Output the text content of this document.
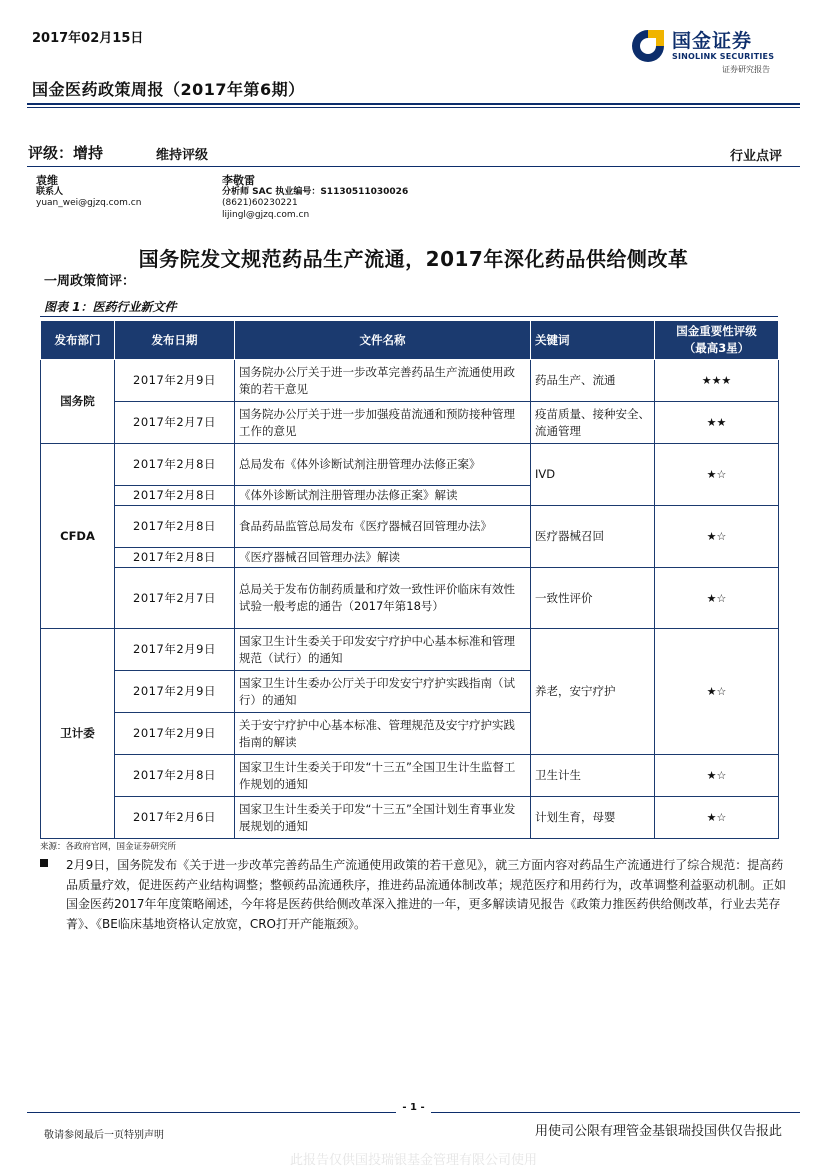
2017年02月15日
国金医药政策周报（2017年第6期）
国金证券
SINOLINK SECURITIES
证券研究报告
评级：增持	维持评级	行业点评
袁维
联系人
yuan_wei@gjzq.com.cn
李敬雷
分析师 SAC 执业编号：S1130511030026
(8621)60230221
lijingl@gjzq.com.cn
国务院发文规范药品生产流通，2017年深化药品供给侧改革
一周政策简评：
图表 1：医药行业新文件
发布部门	发布日期	文件名称	关键词	国金重要性评级
（最高3星）

国务院	2017年2月9日	国务院办公厅关于进一步改革完善药品生产流通使用政策的若干意见	药品生产、流通	★★★
	2017年2月7日	国务院办公厅关于进一步加强疫苗流通和预防接种管理工作的意见	疫苗质量、接种安全、流通管理	★★
CFDA	2017年2月8日	总局发布《体外诊断试剂注册管理办法修正案》	IVD	★☆
	2017年2月8日	《体外诊断试剂注册管理办法修正案》解读		
	2017年2月8日	食品药品监管总局发布《医疗器械召回管理办法》	医疗器械召回	★☆
	2017年2月8日	《医疗器械召回管理办法》解读		
	2017年2月7日	总局关于发布仿制药质量和疗效一致性评价临床有效性试验一般考虑的通告（2017年第18号）	一致性评价	★☆
卫计委	2017年2月9日	国家卫生计生委关于印发安宁疗护中心基本标准和管理规范（试行）的通知	养老，安宁疗护	★☆
	2017年2月9日	国家卫生计生委办公厅关于印发安宁疗护实践指南（试行）的通知		
	2017年2月9日	关于安宁疗护中心基本标准、管理规范及安宁疗护实践指南的解读		
	2017年2月8日	国家卫生计生委关于印发“十三五”全国卫生计生监督工作规划的通知	卫生计生	★☆
	2017年2月6日	国家卫生计生委关于印发“十三五”全国计划生育事业发展规划的通知	计划生育，母婴	★☆
来源：各政府官网，国金证券研究所
2月9日，国务院发布《关于进一步改革完善药品生产流通使用政策的若干意见》，就三方面内容对药品生产流通进行了综合规范：提高药品质量疗效，促进医药产业结构调整；整顿药品流通秩序，推进药品流通体制改革；规范医疗和用药行为，改革调整利益驱动机制。正如国金医药2017年年度策略阐述，今年将是医药供给侧改革深入推进的一年，更多解读请见报告《政策力推医药供给侧改革，行业去芜存菁》、《BE临床基地资格认定放宽，CRO打开产能瓶颈》。
- 1 -
敬请参阅最后一页特别声明	用使司公限有理管金基银瑞投国供仅告报此
此报告仅供国投瑞银基金管理有限公司使用
